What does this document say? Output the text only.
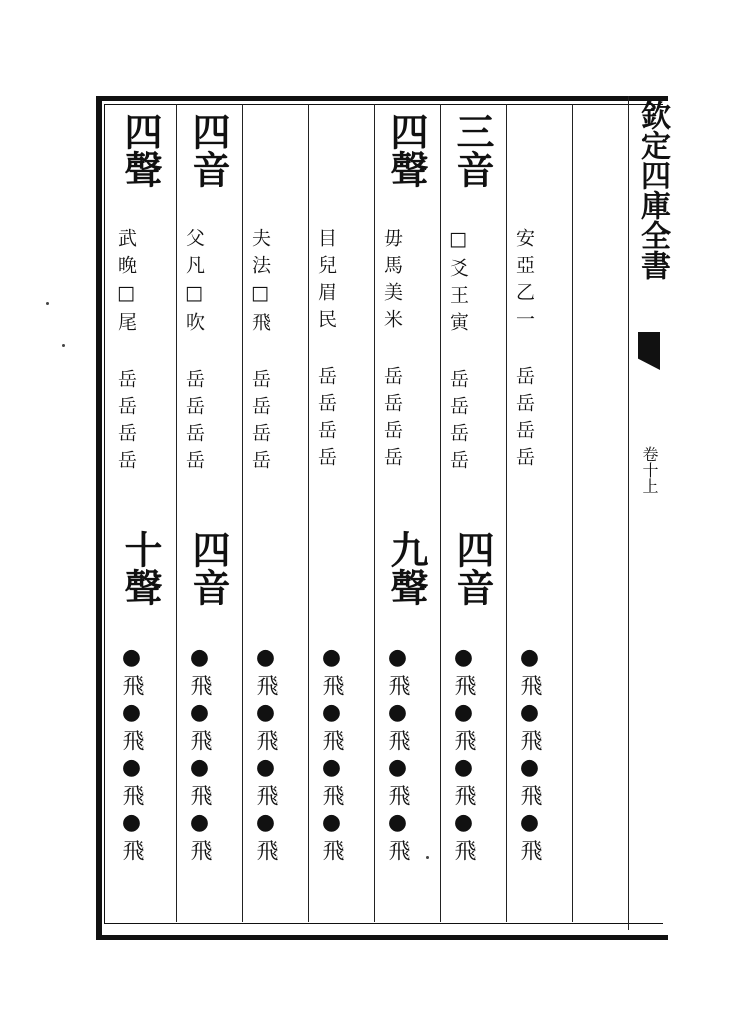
欽定四庫全書
卷十上
安亞乙一 岳岳岳岳
●飛●飛●飛●飛
三音
□爻王寅 岳岳岳岳
四音
●飛●飛●飛●飛
四聲
毋馬美米 岳岳岳岳
九聲
●飛●飛●飛●飛
目兒眉民 岳岳岳岳
●飛●飛●飛●飛
夫法□飛 岳岳岳岳
●飛●飛●飛●飛
四音
父凡□吹 岳岳岳岳
四音
●飛●飛●飛●飛
四聲
武晚□尾 岳岳岳岳
十聲
●飛●飛●飛●飛
